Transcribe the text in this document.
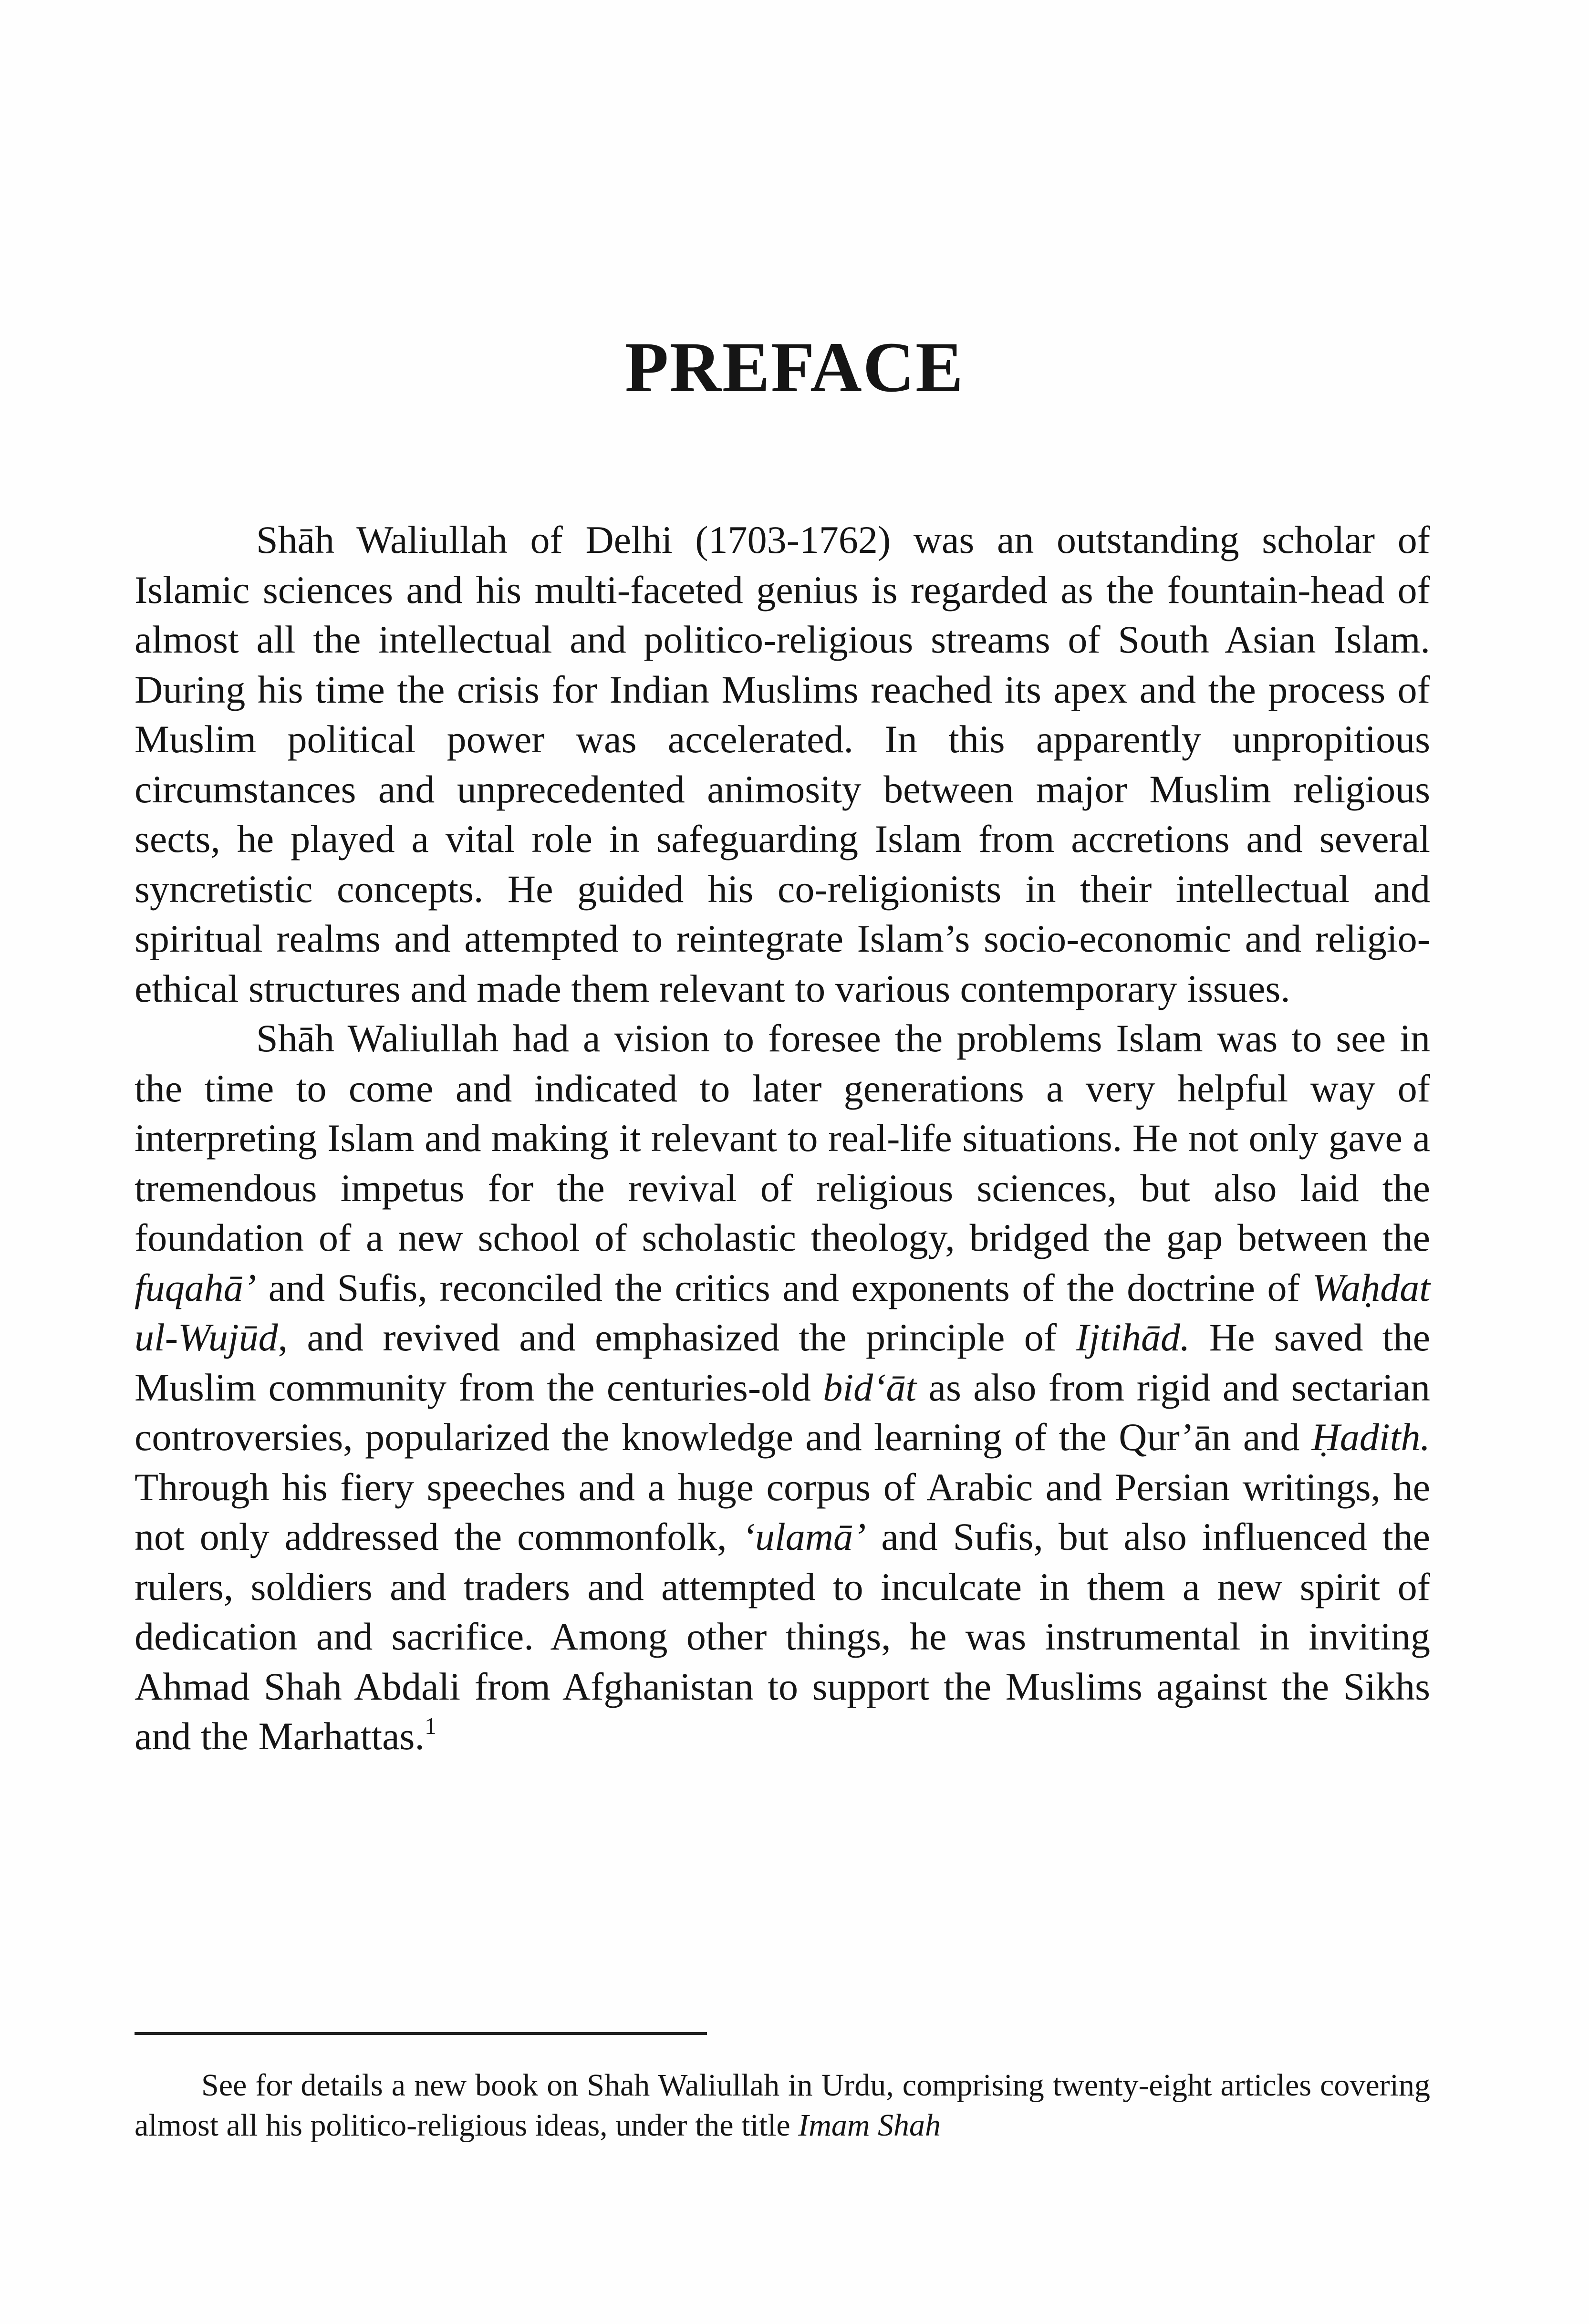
PREFACE

Shāh Waliullah of Delhi (1703-1762) was an outstanding scholar of Islamic sciences and his multi-faceted genius is regarded as the fountain-head of almost all the intellectual and politico-religious streams of South Asian Islam. During his time the crisis for Indian Muslims reached its apex and the process of Muslim political power was accelerated. In this apparently unpropitious circumstances and unprecedented animosity between major Muslim religious sects, he played a vital role in safeguarding Islam from accretions and several syncretistic concepts. He guided his co-religionists in their intellectual and spiritual realms and attempted to reintegrate Islam’s socio-economic and religio-ethical structures and made them relevant to various contemporary issues.

Shāh Waliullah had a vision to foresee the problems Islam was to see in the time to come and indicated to later generations a very helpful way of interpreting Islam and making it relevant to real-life situations. He not only gave a tremendous impetus for the revival of religious sciences, but also laid the foundation of a new school of scholastic theology, bridged the gap between the fuqahā’ and Sufis, reconciled the critics and exponents of the doctrine of Waḥdat ul-Wujūd, and revived and emphasized the principle of Ijtihād. He saved the Muslim community from the centuries-old bid‘āt as also from rigid and sectarian controversies, popularized the knowledge and learning of the Qur’ān and Ḥadith. Through his fiery speeches and a huge corpus of Arabic and Persian writings, he not only addressed the commonfolk, ‘ulamā’ and Sufis, but also influenced the rulers, soldiers and traders and attempted to inculcate in them a new spirit of dedication and sacrifice. Among other things, he was instrumental in inviting Ahmad Shah Abdali from Afghanistan to support the Muslims against the Sikhs and the Marhattas.$^1$

See for details a new book on Shah Waliullah in Urdu, comprising twenty-eight articles covering almost all his politico-religious ideas, under the title Imam Shah
